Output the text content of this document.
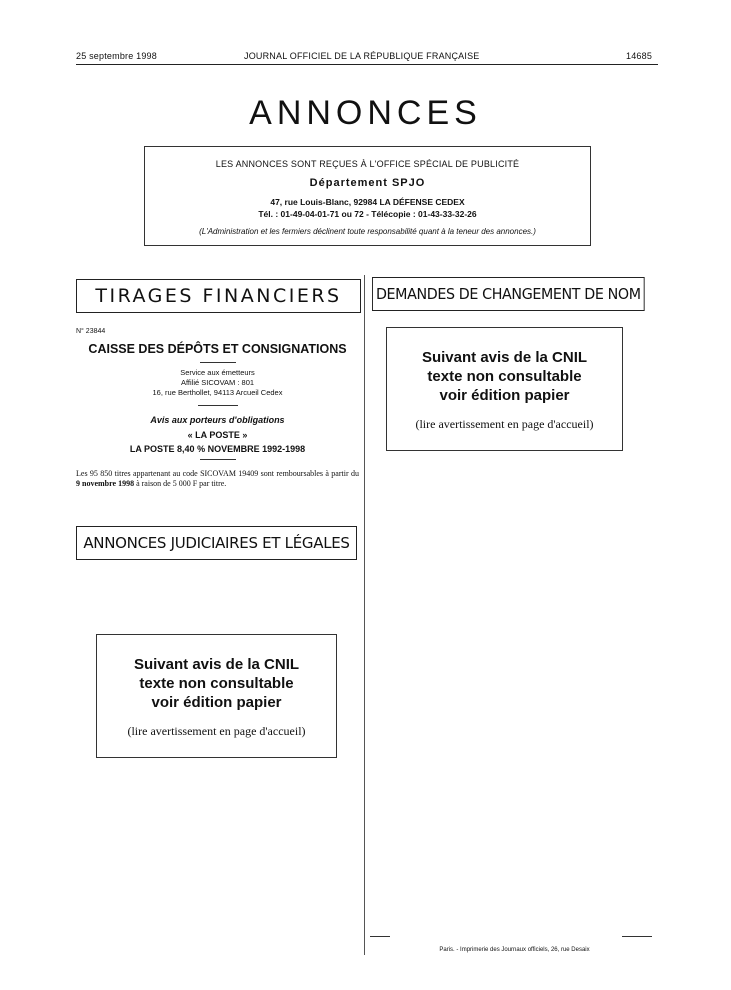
25 septembre 1998	JOURNAL OFFICIEL DE LA RÉPUBLIQUE FRANÇAISE	14685
ANNONCES
LES ANNONCES SONT REÇUES À L'OFFICE SPÉCIAL DE PUBLICITÉ
Département SPJO
47, rue Louis-Blanc, 92984 LA DÉFENSE CEDEX
Tél. : 01-49-04-01-71 ou 72 - Télécopie : 01-43-33-32-26
(L'Administration et les fermiers déclinent toute responsabilité quant à la teneur des annonces.)
TIRAGES FINANCIERS	DEMANDES DE CHANGEMENT DE NOM
ANNONCES JUDICIAIRES ET LÉGALES
N° 23844
CAISSE DES DÉPÔTS ET CONSIGNATIONS
Service aux émetteurs
Affilié SICOVAM : 801
16, rue Berthollet, 94113 Arcueil Cedex
Avis aux porteurs d'obligations
« LA POSTE »
LA POSTE 8,40 % NOVEMBRE 1992-1998
Les 95 850 titres appartenant au code SICOVAM 19409 sont remboursables à partir du 9 novembre 1998 à raison de 5 000 F par titre.
Suivant avis de la CNIL
texte non consultable
voir édition papier
(lire avertissement en page d'accueil)
Suivant avis de la CNIL
texte non consultable
voir édition papier
(lire avertissement en page d'accueil)
Paris. - Imprimerie des Journaux officiels, 26, rue Desaix
